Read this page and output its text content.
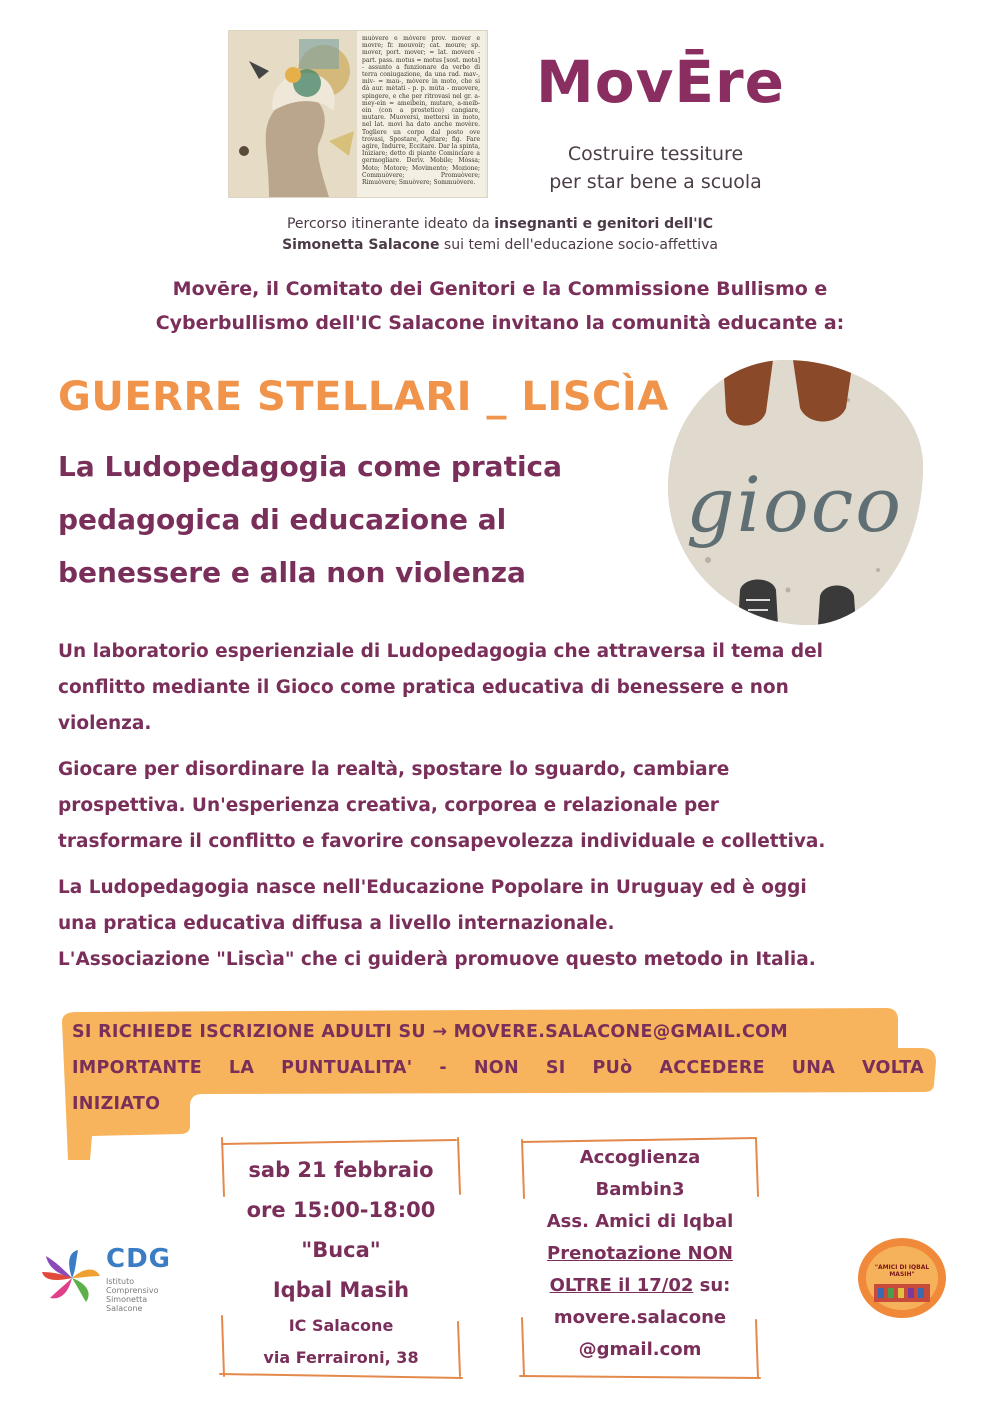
muòvere e mòvere prov. mover e movre; fr. mouvoir; cat. moure; sp. mover, port. mover; = lat. movere - part. pass. motus = motus [sost. mota] - assunto a funzionare da verbo di terra coniugazione, da una rad. mav-, miv- = mau-, mòvere in moto, che si dà aur. mètati - p. p. mùta - muovere, spingere, e che per ritrovasi nel gr. a-mey-ein = ameibein, mutare, a-meib-ein (con a prostetico) cangiare, mutare. Muoversi, mettersi in moto, nel lat. movi ha dato anche movère. Togliere un corpo dal posto ove trovasi, Spostare, Agitare; fig. Fare agire, Indurre, Eccitare. Dar la spinta, Iniziare; detto di piante Cominciare a germogliare. Deriv. Mobile; Mòssa; Moto; Motore; Movimento; Mozione; Commuòvere; Promuòvere; Rimuòvere; Smuòvere; Sommuòvere.
MovĒre
Costruire tessiture
per star bene a scuola
Percorso itinerante ideato da insegnanti e genitori dell'IC
Simonetta Salacone sui temi dell'educazione socio-affettiva
Movēre, il Comitato dei Genitori e la Commissione Bullismo e
Cyberbullismo dell'IC Salacone invitano la comunità educante a:
GUERRE STELLARI _ LISCÌA
La Ludopedagogia come pratica
pedagogica di educazione al
benessere e alla non violenza
gioco
Un laboratorio esperienziale di Ludopedagogia che attraversa il tema del
conflitto mediante il Gioco come pratica educativa di benessere e non
violenza.
Giocare per disordinare la realtà, spostare lo sguardo, cambiare
prospettiva. Un'esperienza creativa, corporea e relazionale per
trasformare il conflitto e favorire consapevolezza individuale e collettiva.
La Ludopedagogia nasce nell'Educazione Popolare in Uruguay ed è oggi
una pratica educativa diffusa a livello internazionale.
L'Associazione "Liscìa" che ci guiderà promuove questo metodo in Italia.
SI RICHIEDE ISCRIZIONE ADULTI SU → MOVERE.SALACONE@GMAIL.COM
IMPORTANTE LA PUNTUALITA' - NON SI PUò ACCEDERE UNA VOLTA
INIZIATO
sab 21 febbraio
ore 15:00-18:00
"Buca"
Iqbal Masih
IC Salacone
via Ferraironi, 38
Accoglienza
Bambin3
Ass. Amici di Iqbal
Prenotazione NON
OLTRE il 17/02 su:
movere.salacone
@gmail.com
CDG
Istituto
Comprensivo
Simonetta
Salacone
"AMICI DI IQBAL MASIH"
